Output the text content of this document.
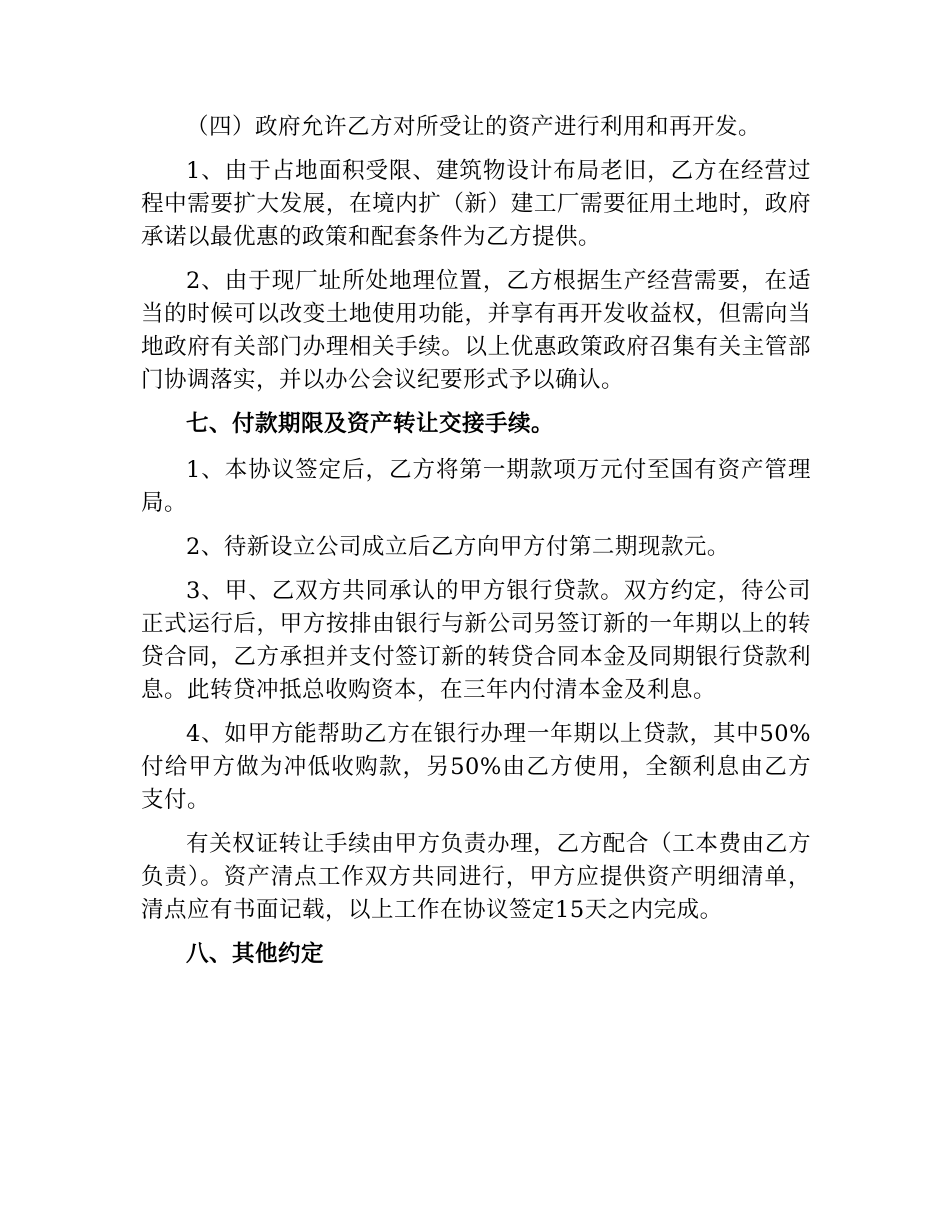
（四）政府允许乙方对所受让的资产进行利用和再开发。

1、由于占地面积受限、建筑物设计布局老旧，乙方在经营过程中需要扩大发展，在境内扩（新）建工厂需要征用土地时，政府承诺以最优惠的政策和配套条件为乙方提供。

2、由于现厂址所处地理位置，乙方根据生产经营需要，在适当的时候可以改变土地使用功能，并享有再开发收益权，但需向当地政府有关部门办理相关手续。以上优惠政策政府召集有关主管部门协调落实，并以办公会议纪要形式予以确认。

七、付款期限及资产转让交接手续。

1、本协议签定后，乙方将第一期款项万元付至国有资产管理局。

2、待新设立公司成立后乙方向甲方付第二期现款元。

3、甲、乙双方共同承认的甲方银行贷款。双方约定，待公司正式运行后，甲方按排由银行与新公司另签订新的一年期以上的转贷合同，乙方承担并支付签订新的转贷合同本金及同期银行贷款利息。此转贷冲抵总收购资本，在三年内付清本金及利息。

4、如甲方能帮助乙方在银行办理一年期以上贷款，其中50%付给甲方做为冲低收购款，另50%由乙方使用，全额利息由乙方支付。

有关权证转让手续由甲方负责办理，乙方配合（工本费由乙方负责）。资产清点工作双方共同进行，甲方应提供资产明细清单，清点应有书面记载，以上工作在协议签定15天之内完成。

八、其他约定
